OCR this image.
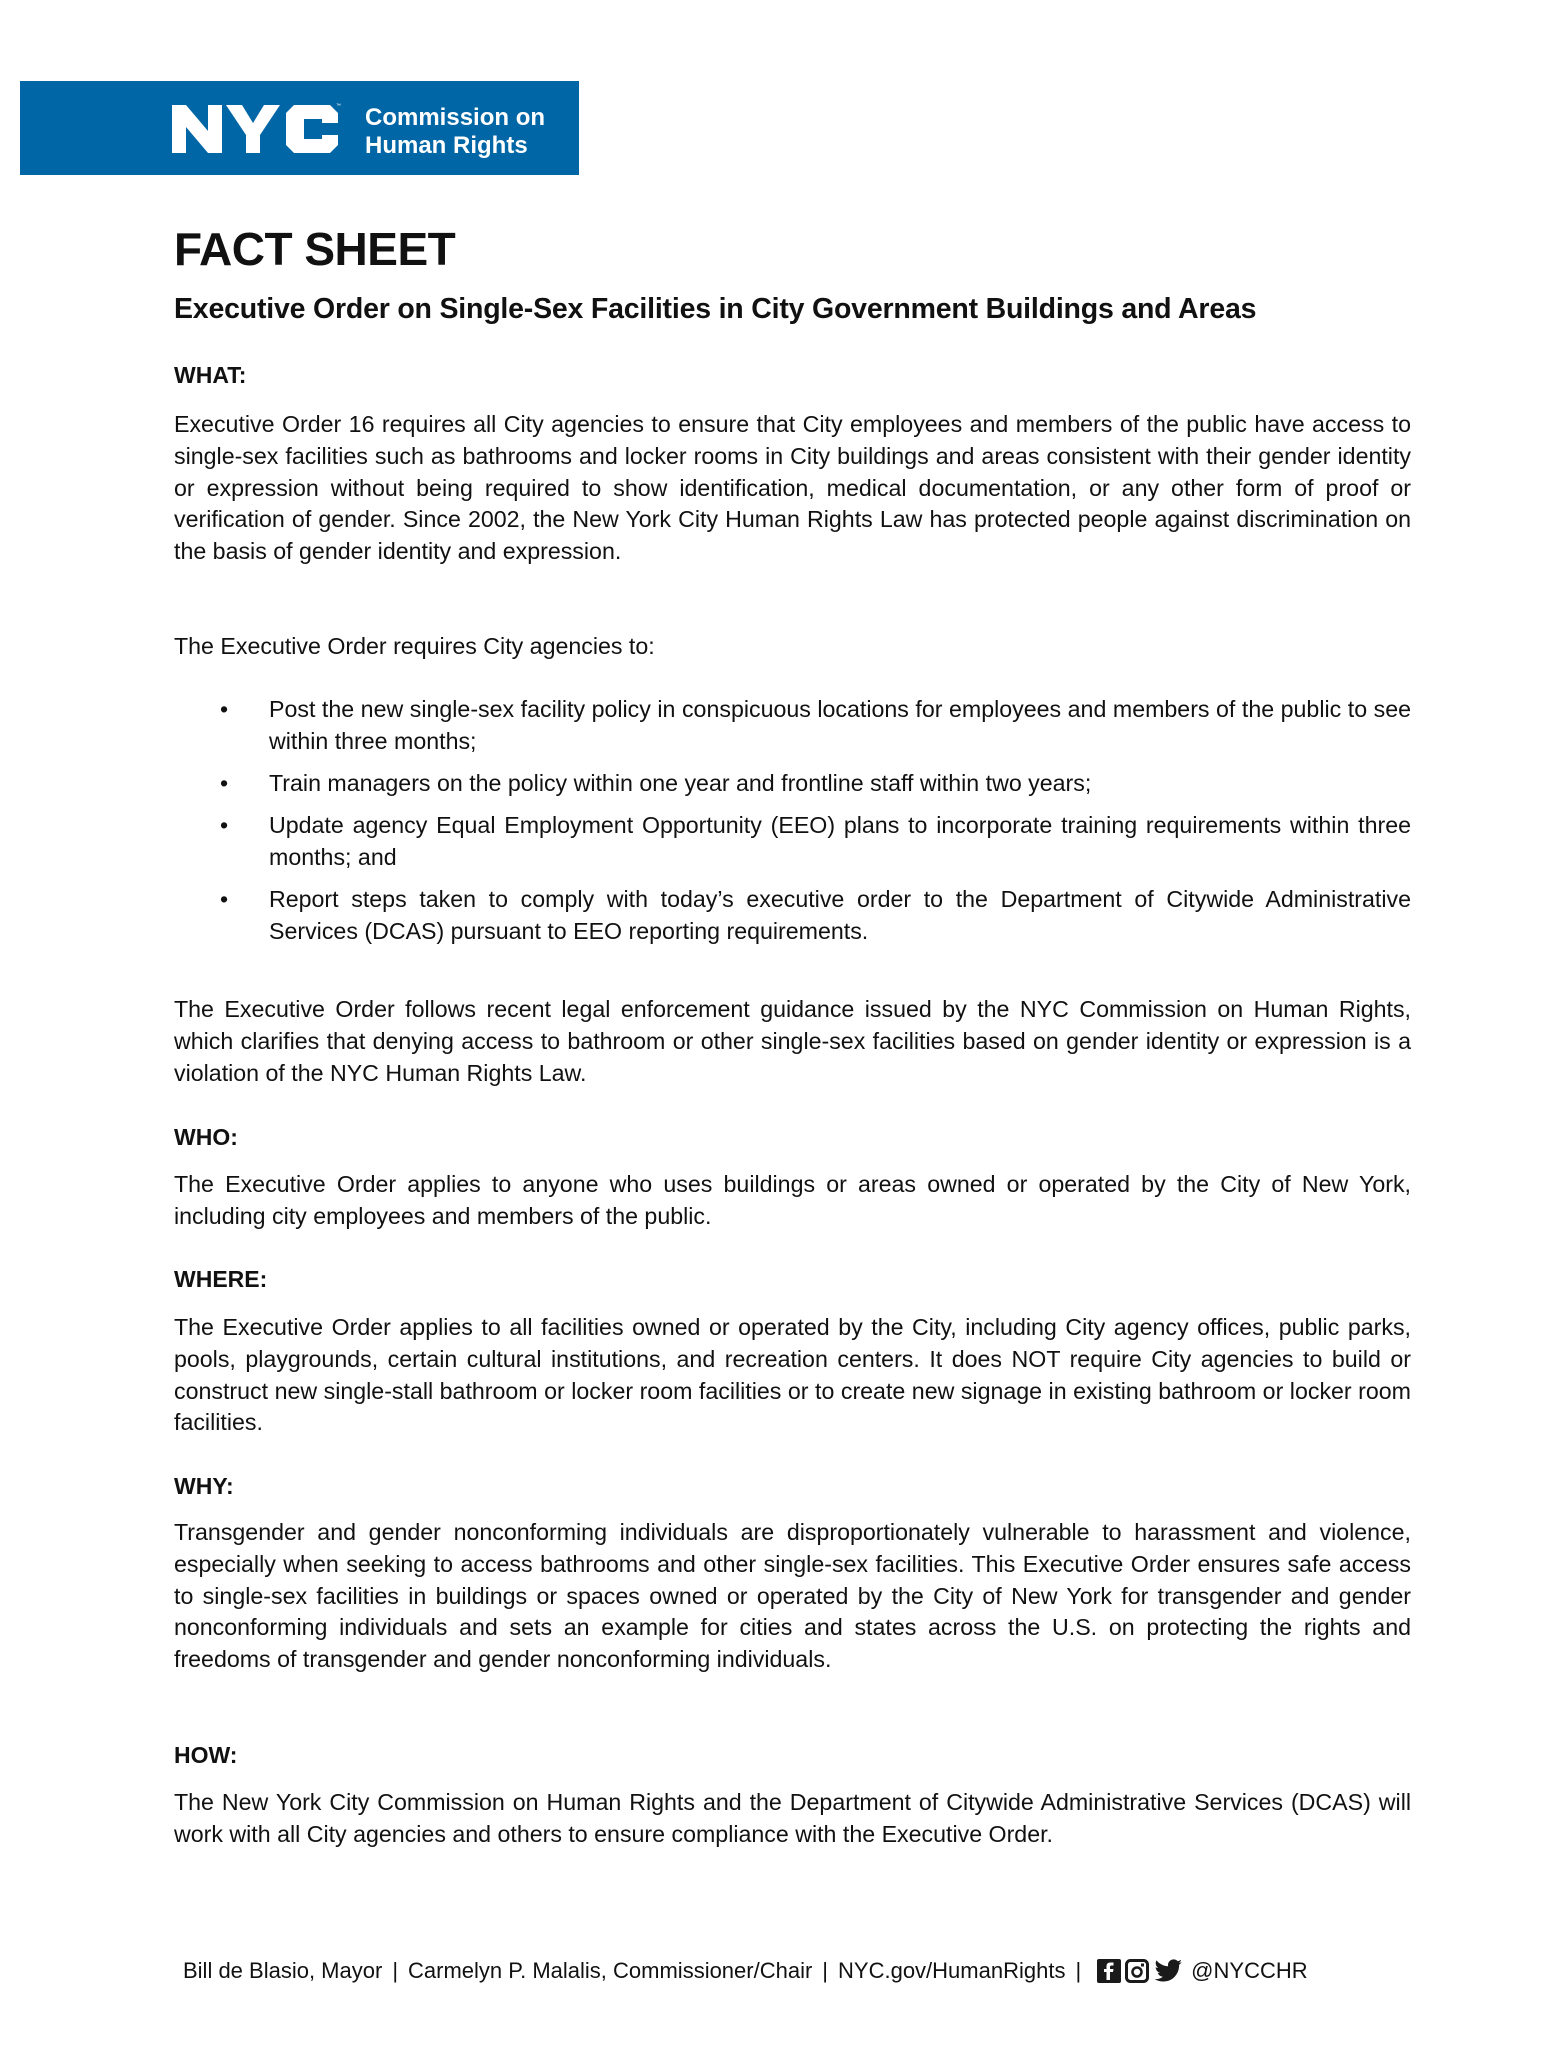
™ Commission on
Human Rights
FACT SHEET
Executive Order on Single-Sex Facilities in City Government Buildings and Areas
WHAT:

Executive Order 16 requires all City agencies to ensure that City employees and members of the public have access to single-sex facilities such as bathrooms and locker rooms in City buildings and areas consistent with their gender identity or expression without being required to show identification, medical documentation, or any other form of proof or verification of gender. Since 2002, the New York City Human Rights Law has protected people against discrimination on the basis of gender identity and expression.

The Executive Order requires City agencies to:

• Post the new single-sex facility policy in conspicuous locations for employees and members of the public to see within three months;
• Train managers on the policy within one year and frontline staff within two years;
• Update agency Equal Employment Opportunity (EEO) plans to incorporate training requirements within three months; and
• Report steps taken to comply with today’s executive order to the Department of Citywide Administrative Services (DCAS) pursuant to EEO reporting requirements.

The Executive Order follows recent legal enforcement guidance issued by the NYC Commission on Human Rights, which clarifies that denying access to bathroom or other single-sex facilities based on gender identity or expression is a violation of the NYC Human Rights Law.

WHO:

The Executive Order applies to anyone who uses buildings or areas owned or operated by the City of New York, including city employees and members of the public.

WHERE:

The Executive Order applies to all facilities owned or operated by the City, including City agency offices, public parks, pools, playgrounds, certain cultural institutions, and recreation centers. It does NOT require City agencies to build or construct new single-stall bathroom or locker room facilities or to create new signage in existing bathroom or locker room facilities.

WHY:

Transgender and gender nonconforming individuals are disproportionately vulnerable to harassment and violence, especially when seeking to access bathrooms and other single-sex facilities. This Executive Order ensures safe access to single-sex facilities in buildings or spaces owned or operated by the City of New York for transgender and gender nonconforming individuals and sets an example for cities and states across the U.S. on protecting the rights and freedoms of transgender and gender nonconforming individuals.

HOW:

The New York City Commission on Human Rights and the Department of Citywide Administrative Services (DCAS) will work with all City agencies and others to ensure compliance with the Executive Order.

Bill de Blasio, Mayor | Carmelyn P. Malalis, Commissioner/Chair | NYC.gov/HumanRights |	@NYCCHR
